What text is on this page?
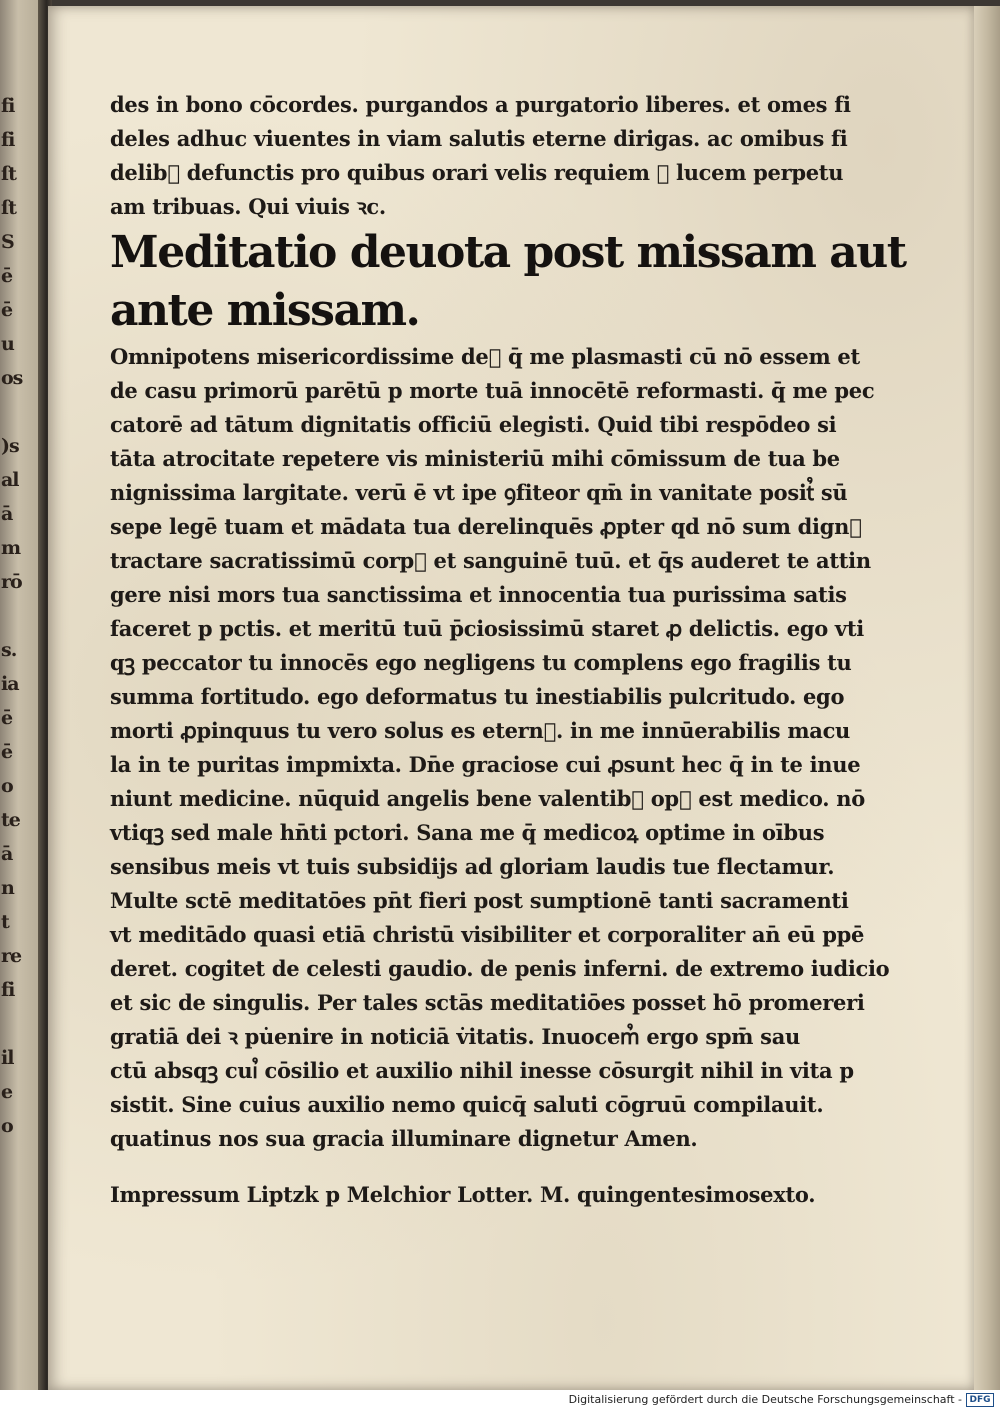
fi
fi
ſt
ſt
S
ē
ē
u
os
)s
al
ā
m
rō
s.
ia
ē
ē
o
te
ā
n
t
re
fi
il
e
o
des in bono cōcordes. purgandos a purgatorio liberes. et omes fi
deles adhuc viuentes in viam salutis eterne dirigas. ac omibus fi
delib᷒ defunctis pro quibus orari velis requiem ꝛ lucem perpetu
am tribuas. Qui viuis ꝛc.
Meditatio deuota post missam aut
ante missam.
Omnipotens misericordissime de᷒ q̄ me plasmasti cū nō essem et
de casu primorū parētū p morte tuā innocētē reformasti. q̄ me pec
catorē ad tātum dignitatis officiū elegisti. Quid tibi respōdeo si
tāta atrocitate repetere vis ministeriū mihi cōmissum de tua be
nignissima largitate. verū ē vt ipe ꝯfiteor qm̄ in vanitate posit᷒ sū
sepe legē tuam et mādata tua derelinquēs ꝓpter qd nō sum dign᷒
tractare sacratissimū corp᷒ et sanguinē tuū. et q̄s auderet te attin
gere nisi mors tua sanctissima et innocentia tua purissima satis
faceret p pctis. et meritū tuū p̄ciosissimū staret ꝓ delictis. ego vti
qꝫ peccator tu innocēs ego negligens tu complens ego fragilis tu
summa fortitudo. ego deformatus tu inestiabilis pulcritudo. ego
morti ꝓpinquus tu vero solus es etern᷒. in me innūerabilis macu
la in te puritas impmixta. Dn̄e graciose cui ꝓsunt hec q̄ in te inue
niunt medicine. nūquid angelis bene valentib᷒ op᷒ est medico. nō
vtiqꝫ sed male hn̄ti pctori. Sana me q̄ medicoꝝ optime in oībus
sensibus meis vt tuis subsidijs ad gloriam laudis tue flectamur.
Multe sctē meditatōes pn̄t fieri post sumptionē tanti sacramenti
vt meditādo quasi etiā christū visibiliter et corporaliter an̄ eū ppē
deret. cogitet de celesti gaudio. de penis inferni. de extremo iudicio
et sic de singulis. Per tales sctās meditatiōes posset hō promereri
gratiā dei ꝛ pu̇enire in noticiā v̇itatis. Inuocem᷒ ergo spm̄ sau
ctū absqꝫ cui᷒ cōsilio et auxilio nihil inesse cōsurgit nihil in vita p
sistit. Sine cuius auxilio nemo quicq̄ saluti cōgruū compilauit.
quatinus nos sua gracia illuminare dignetur Amen.
Impressum Liptzk p Melchior Lotter. M. quingentesimosexto.
Digitalisierung gefördert durch die Deutsche Forschungsgemeinschaft - DFG
